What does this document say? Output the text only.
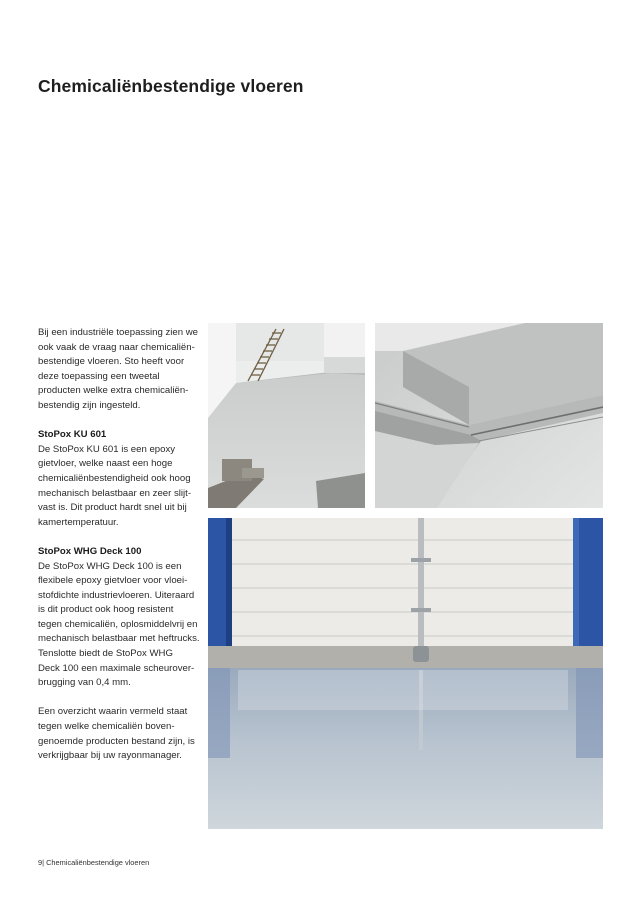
Chemicaliënbestendige vloeren

Bij een industriële toepassing zien we

ook vaak de vraag naar chemicaliën-

bestendige vloeren. Sto heeft voor

deze toepassing een tweetal

producten welke extra chemicaliën-

bestendig zijn ingesteld.

StoPox KU 601

De StoPox KU 601 is een epoxy

gietvloer, welke naast een hoge

chemicaliënbestendigheid ook hoog

mechanisch belastbaar en zeer slijt-

vast is. Dit product hardt snel uit bij

kamertemperatuur.

StoPox WHG Deck 100

De StoPox WHG Deck 100 is een

flexibele epoxy gietvloer voor vloei-

stofdichte industrievloeren. Uiteraard

is dit product ook hoog resistent

tegen chemicaliën, oplosmiddelvrij en

mechanisch belastbaar met heftrucks.

Tenslotte biedt de StoPox WHG

Deck 100 een maximale scheurover-

brugging van 0,4 mm.

Een overzicht waarin vermeld staat

tegen welke chemicaliën boven-

genoemde producten bestand zijn, is

verkrijgbaar bij uw rayonmanager.

9| Chemicaliënbestendige vloeren
